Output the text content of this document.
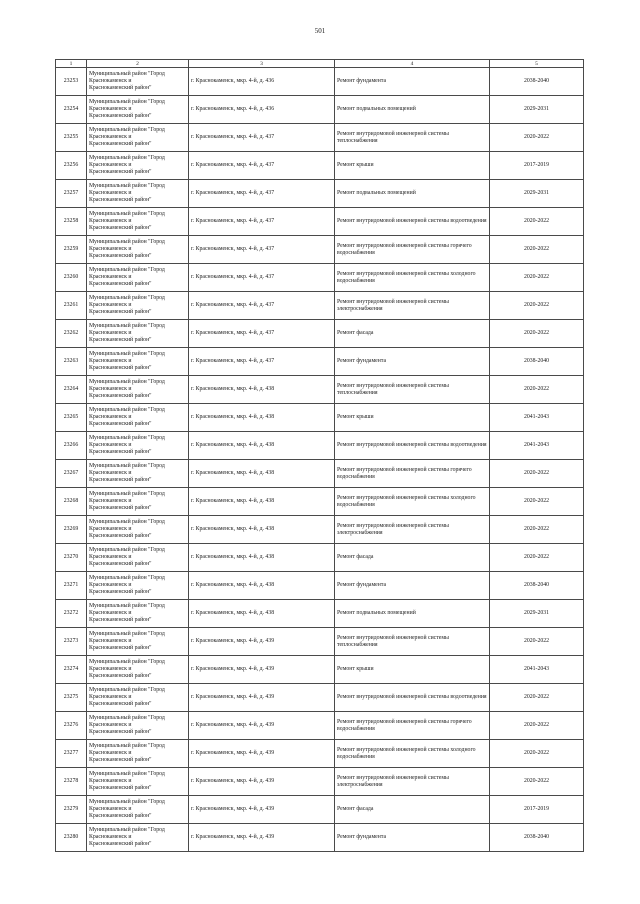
501
1	2	3	4	5
23253	Муниципальный район "Город
Краснокаменск и
Краснокаменский район"	г. Краснокаменск, мкр. 4-й, д. 436	Ремонт фундамента	2038-2040
23254	Муниципальный район "Город
Краснокаменск и
Краснокаменский район"	г. Краснокаменск, мкр. 4-й, д. 436	Ремонт подвальных помещений	2029-2031
23255	Муниципальный район "Город
Краснокаменск и
Краснокаменский район"	г. Краснокаменск, мкр. 4-й, д. 437	Ремонт внутридомовой инженерной системы теплоснабжения	2020-2022
23256	Муниципальный район "Город
Краснокаменск и
Краснокаменский район"	г. Краснокаменск, мкр. 4-й, д. 437	Ремонт крыши	2017-2019
23257	Муниципальный район "Город
Краснокаменск и
Краснокаменский район"	г. Краснокаменск, мкр. 4-й, д. 437	Ремонт подвальных помещений	2029-2031
23258	Муниципальный район "Город
Краснокаменск и
Краснокаменский район"	г. Краснокаменск, мкр. 4-й, д. 437	Ремонт внутридомовой инженерной системы водоотведения	2020-2022
23259	Муниципальный район "Город
Краснокаменск и
Краснокаменский район"	г. Краснокаменск, мкр. 4-й, д. 437	Ремонт внутридомовой инженерной системы горячего водоснабжения	2020-2022
23260	Муниципальный район "Город
Краснокаменск и
Краснокаменский район"	г. Краснокаменск, мкр. 4-й, д. 437	Ремонт внутридомовой инженерной системы холодного водоснабжения	2020-2022
23261	Муниципальный район "Город
Краснокаменск и
Краснокаменский район"	г. Краснокаменск, мкр. 4-й, д. 437	Ремонт внутридомовой инженерной системы электроснабжения	2020-2022
23262	Муниципальный район "Город
Краснокаменск и
Краснокаменский район"	г. Краснокаменск, мкр. 4-й, д. 437	Ремонт фасада	2020-2022
23263	Муниципальный район "Город
Краснокаменск и
Краснокаменский район"	г. Краснокаменск, мкр. 4-й, д. 437	Ремонт фундамента	2038-2040
23264	Муниципальный район "Город
Краснокаменск и
Краснокаменский район"	г. Краснокаменск, мкр. 4-й, д. 438	Ремонт внутридомовой инженерной системы теплоснабжения	2020-2022
23265	Муниципальный район "Город
Краснокаменск и
Краснокаменский район"	г. Краснокаменск, мкр. 4-й, д. 438	Ремонт крыши	2041-2043
23266	Муниципальный район "Город
Краснокаменск и
Краснокаменский район"	г. Краснокаменск, мкр. 4-й, д. 438	Ремонт внутридомовой инженерной системы водоотведения	2041-2043
23267	Муниципальный район "Город
Краснокаменск и
Краснокаменский район"	г. Краснокаменск, мкр. 4-й, д. 438	Ремонт внутридомовой инженерной системы горячего водоснабжения	2020-2022
23268	Муниципальный район "Город
Краснокаменск и
Краснокаменский район"	г. Краснокаменск, мкр. 4-й, д. 438	Ремонт внутридомовой инженерной системы холодного водоснабжения	2020-2022
23269	Муниципальный район "Город
Краснокаменск и
Краснокаменский район"	г. Краснокаменск, мкр. 4-й, д. 438	Ремонт внутридомовой инженерной системы электроснабжения	2020-2022
23270	Муниципальный район "Город
Краснокаменск и
Краснокаменский район"	г. Краснокаменск, мкр. 4-й, д. 438	Ремонт фасада	2020-2022
23271	Муниципальный район "Город
Краснокаменск и
Краснокаменский район"	г. Краснокаменск, мкр. 4-й, д. 438	Ремонт фундамента	2038-2040
23272	Муниципальный район "Город
Краснокаменск и
Краснокаменский район"	г. Краснокаменск, мкр. 4-й, д. 438	Ремонт подвальных помещений	2029-2031
23273	Муниципальный район "Город
Краснокаменск и
Краснокаменский район"	г. Краснокаменск, мкр. 4-й, д. 439	Ремонт внутридомовой инженерной системы теплоснабжения	2020-2022
23274	Муниципальный район "Город
Краснокаменск и
Краснокаменский район"	г. Краснокаменск, мкр. 4-й, д. 439	Ремонт крыши	2041-2043
23275	Муниципальный район "Город
Краснокаменск и
Краснокаменский район"	г. Краснокаменск, мкр. 4-й, д. 439	Ремонт внутридомовой инженерной системы водоотведения	2020-2022
23276	Муниципальный район "Город
Краснокаменск и
Краснокаменский район"	г. Краснокаменск, мкр. 4-й, д. 439	Ремонт внутридомовой инженерной системы горячего водоснабжения	2020-2022
23277	Муниципальный район "Город
Краснокаменск и
Краснокаменский район"	г. Краснокаменск, мкр. 4-й, д. 439	Ремонт внутридомовой инженерной системы холодного водоснабжения	2020-2022
23278	Муниципальный район "Город
Краснокаменск и
Краснокаменский район"	г. Краснокаменск, мкр. 4-й, д. 439	Ремонт внутридомовой инженерной системы электроснабжения	2020-2022
23279	Муниципальный район "Город
Краснокаменск и
Краснокаменский район"	г. Краснокаменск, мкр. 4-й, д. 439	Ремонт фасада	2017-2019
23280	Муниципальный район "Город
Краснокаменск и
Краснокаменский район"	г. Краснокаменск, мкр. 4-й, д. 439	Ремонт фундамента	2038-2040
